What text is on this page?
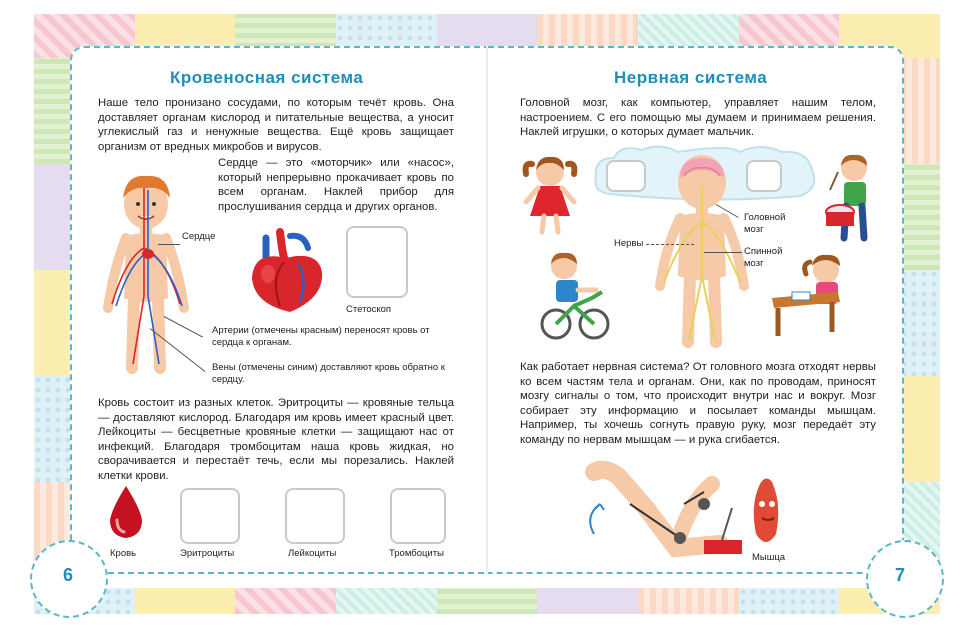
Кровеносная система
Наше тело пронизано сосудами, по которым течёт кровь. Она доставляет органам кислород и питательные вещества, а уносит углекислый газ и ненужные вещества. Ещё кровь защищает организм от вредных микробов и вирусов.
Сердце — это «моторчик» или «насос», который непрерывно прокачивает кровь по всем органам. Наклей прибор для прослушивания сердца и других органов.
Сердце
Стетоскоп
Артерии (отмечены красным) переносят кровь от сердца к органам.
Вены (отмечены синим) доставляют кровь обратно к сердцу.
Кровь состоит из разных клеток. Эритроциты — кровяные тельца — доставляют кислород. Благодаря им кровь имеет красный цвет. Лейкоциты — бесцветные кровяные клетки — защищают нас от инфекций. Благодаря тромбоцитам наша кровь жидкая, но сворачивается и перестаёт течь, если мы порезались. Наклей клетки крови.
Кровь	Эритроциты	Лейкоциты	Тромбоциты
6
Нервная система
Головной мозг, как компьютер, управляет нашим телом, настроением. С его помощью мы думаем и принимаем решения. Наклей игрушки, о которых думает мальчик.
Головной мозг
Нервы
Спинной мозг
Как работает нервная система? От головного мозга отходят нервы ко всем частям тела и органам. Они, как по проводам, приносят мозгу сигналы о том, что происходит внутри нас и вокруг. Мозг собирает эту информацию и посылает команды мышцам. Например, ты хочешь согнуть правую руку, мозг передаёт эту команду по нервам мышцам — и рука сгибается.
Мышца
7
